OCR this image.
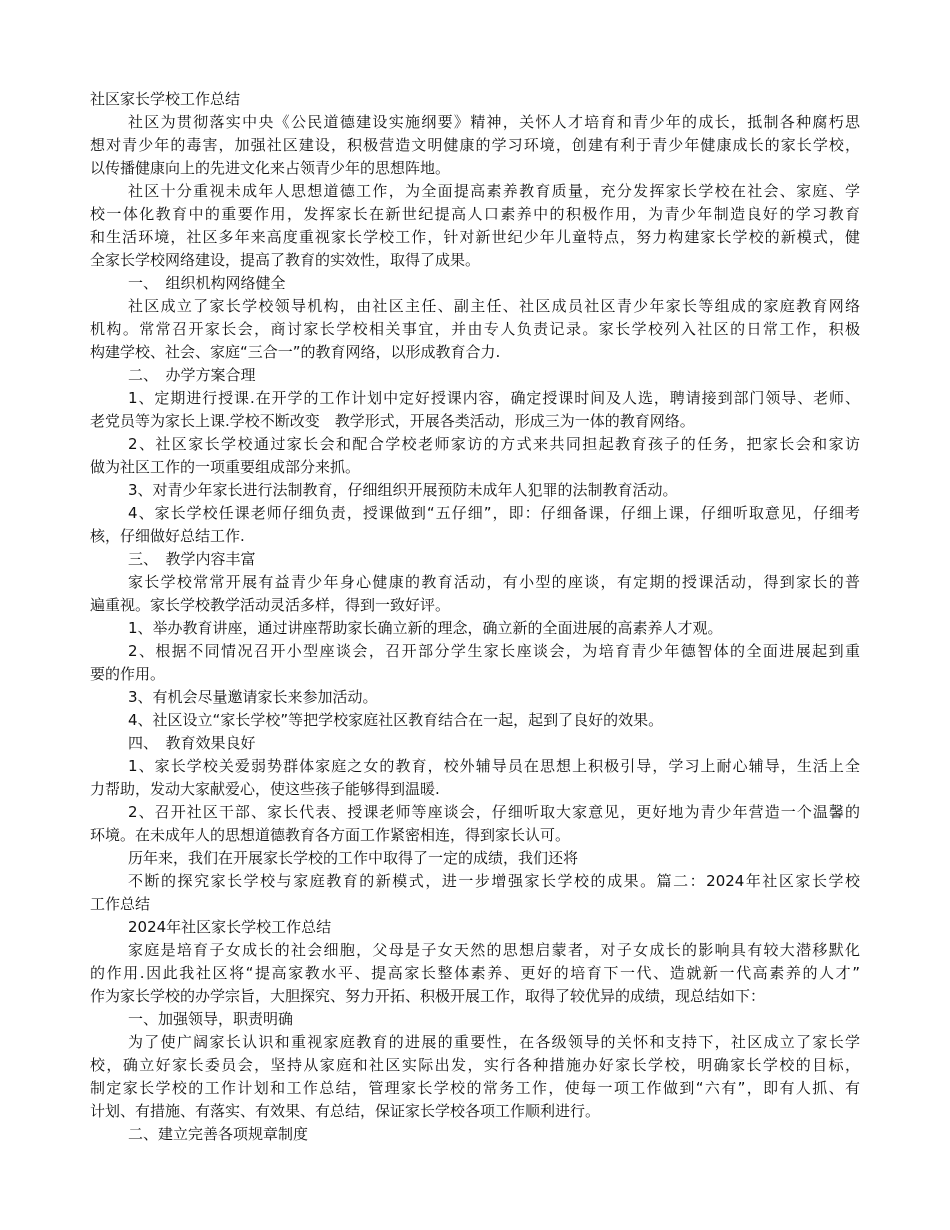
社区家长学校工作总结
社区为贯彻落实中央《公民道德建设实施纲要》精神，关怀人才培育和青少年的成长，抵制各种腐朽思
想对青少年的毒害，加强社区建设，积极营造文明健康的学习环境，创建有利于青少年健康成长的家长学校，
以传播健康向上的先进文化来占领青少年的思想阵地。
社区十分重视未成年人思想道德工作，为全面提高素养教育质量，充分发挥家长学校在社会、家庭、学
校一体化教育中的重要作用，发挥家长在新世纪提高人口素养中的积极作用，为青少年制造良好的学习教育
和生活环境，社区多年来高度重视家长学校工作，针对新世纪少年儿童特点，努力构建家长学校的新模式，健
全家长学校网络建设，提高了教育的实效性，取得了成果。
一、　组织机构网络健全
社区成立了家长学校领导机构，由社区主任、副主任、社区成员社区青少年家长等组成的家庭教育网络
机构。常常召开家长会，商讨家长学校相关事宜，并由专人负责记录。家长学校列入社区的日常工作，积极
构建学校、社会、家庭“三合一”的教育网络，以形成教育合力.
二、　办学方案合理
1、定期进行授课.在开学的工作计划中定好授课内容，确定授课时间及人选，聘请接到部门领导、老师、
老党员等为家长上课.学校不断改变　教学形式，开展各类活动，形成三为一体的教育网络。
2、社区家长学校通过家长会和配合学校老师家访的方式来共同担起教育孩子的任务，把家长会和家访
做为社区工作的一项重要组成部分来抓。
3、对青少年家长进行法制教育，仔细组织开展预防未成年人犯罪的法制教育活动。
4、家长学校任课老师仔细负责，授课做到“五仔细”，即：仔细备课，仔细上课，仔细听取意见，仔细考
核，仔细做好总结工作.
三、　教学内容丰富
家长学校常常开展有益青少年身心健康的教育活动，有小型的座谈，有定期的授课活动，得到家长的普
遍重视。家长学校教学活动灵活多样，得到一致好评。
1、举办教育讲座，通过讲座帮助家长确立新的理念，确立新的全面进展的高素养人才观。
2、根据不同情况召开小型座谈会，召开部分学生家长座谈会，为培育青少年德智体的全面进展起到重
要的作用。
3、有机会尽量邀请家长来参加活动。
4、社区设立“家长学校”等把学校家庭社区教育结合在一起，起到了良好的效果。
四、　教育效果良好
1、家长学校关爱弱势群体家庭之女的教育，校外辅导员在思想上积极引导，学习上耐心辅导，生活上全
力帮助，发动大家献爱心，使这些孩子能够得到温暖.
2、召开社区干部、家长代表、授课老师等座谈会，仔细听取大家意见，更好地为青少年营造一个温馨的
环境。在未成年人的思想道德教育各方面工作紧密相连，得到家长认可。
历年来，我们在开展家长学校的工作中取得了一定的成绩，我们还将
不断的探究家长学校与家庭教育的新模式，进一步增强家长学校的成果。篇二：2024年社区家长学校
工作总结
2024年社区家长学校工作总结
家庭是培育子女成长的社会细胞，父母是子女天然的思想启蒙者，对子女成长的影响具有较大潜移默化
的作用.因此我社区将“提高家教水平、提高家长整体素养、更好的培育下一代、造就新一代高素养的人才”
作为家长学校的办学宗旨，大胆探究、努力开拓、积极开展工作，取得了较优异的成绩，现总结如下：
一、加强领导，职责明确
为了使广阔家长认识和重视家庭教育的进展的重要性，在各级领导的关怀和支持下，社区成立了家长学
校，确立好家长委员会，坚持从家庭和社区实际出发，实行各种措施办好家长学校，明确家长学校的目标，
制定家长学校的工作计划和工作总结，管理家长学校的常务工作，使每一项工作做到“六有”，即有人抓、有
计划、有措施、有落实、有效果、有总结，保证家长学校各项工作顺利进行。
二、建立完善各项规章制度
